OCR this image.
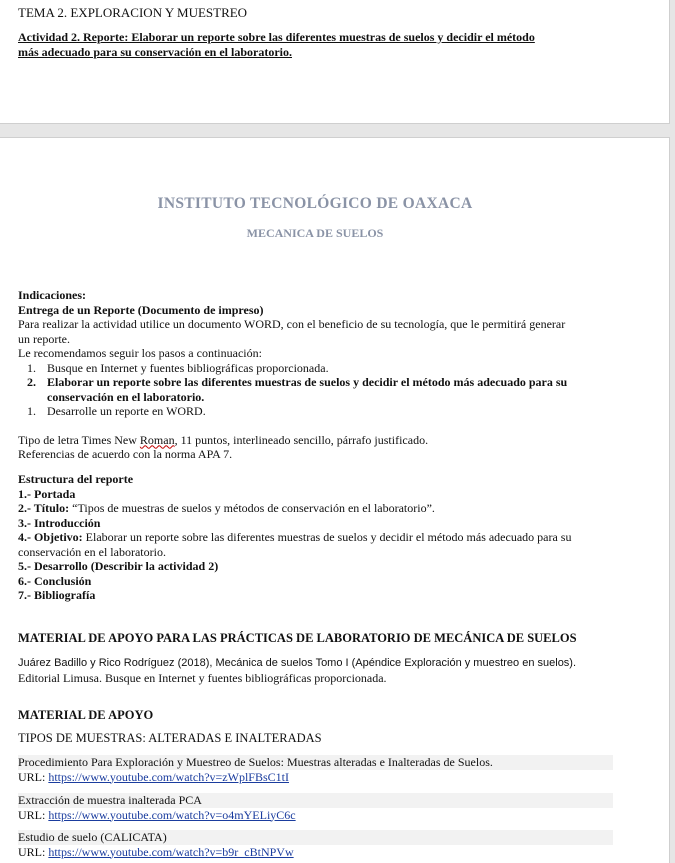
TEMA 2. EXPLORACION Y MUESTREO
Actividad 2. Reporte: Elaborar un reporte sobre las diferentes muestras de suelos y decidir el método
más adecuado para su conservación en el laboratorio.
INSTITUTO TECNOLÓGICO DE OAXACA
MECANICA DE SUELOS
Indicaciones:
Entrega de un Reporte (Documento de impreso)
Para realizar la actividad utilice un documento WORD, con el beneficio de su tecnología, que le permitirá generar
un reporte.
Le recomendamos seguir los pasos a continuación:
1. Busque en Internet y fuentes bibliográficas proporcionada.
2. Elaborar un reporte sobre las diferentes muestras de suelos y decidir el método más adecuado para su
conservación en el laboratorio.
1. Desarrolle un reporte en WORD.
Tipo de letra Times New Roman, 11 puntos, interlineado sencillo, párrafo justificado.
Referencias de acuerdo con la norma APA 7.
Estructura del reporte
1.- Portada
2.- Título: “Tipos de muestras de suelos y métodos de conservación en el laboratorio”.
3.- Introducción
4.- Objetivo: Elaborar un reporte sobre las diferentes muestras de suelos y decidir el método más adecuado para su
conservación en el laboratorio.
5.- Desarrollo (Describir la actividad 2)
6.- Conclusión
7.- Bibliografía
MATERIAL DE APOYO PARA LAS PRÁCTICAS DE LABORATORIO DE MECÁNICA DE SUELOS
Juárez Badillo y Rico Rodríguez (2018), Mecánica de suelos Tomo I (Apéndice Exploración y muestreo en suelos).
Editorial Limusa. Busque en Internet y fuentes bibliográficas proporcionada.
MATERIAL DE APOYO
TIPOS DE MUESTRAS: ALTERADAS E INALTERADAS
Procedimiento Para Exploración y Muestreo de Suelos: Muestras alteradas e Inalteradas de Suelos.
URL: https://www.youtube.com/watch?v=zWplFBsC1tI
Extracción de muestra inalterada PCA
URL: https://www.youtube.com/watch?v=o4mYELiyC6c
Estudio de suelo (CALICATA)
URL: https://www.youtube.com/watch?v=b9r_cBtNPVw
